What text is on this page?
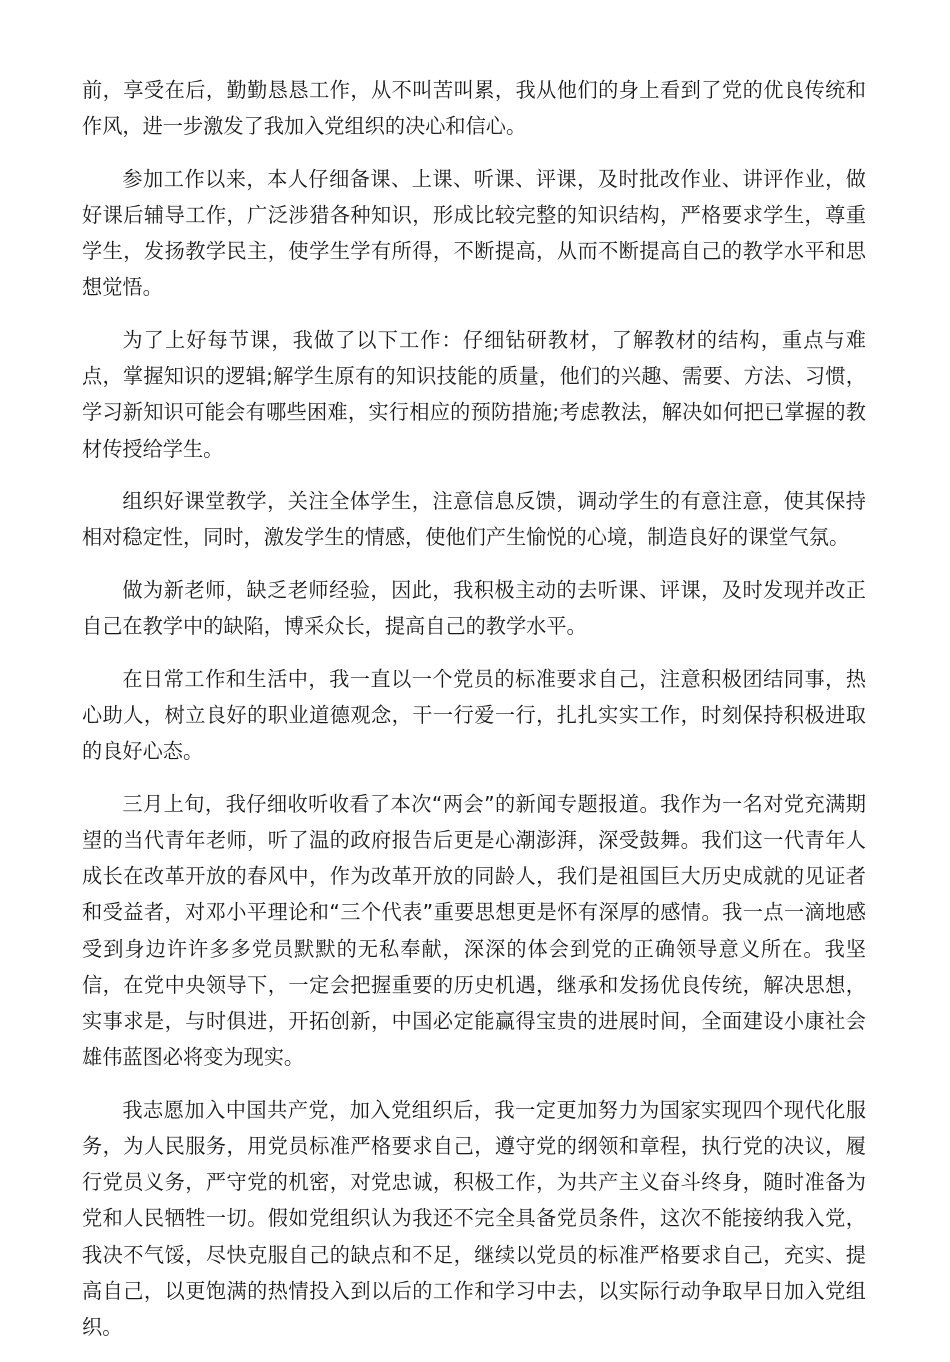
前，享受在后，勤勤恳恳工作，从不叫苦叫累，我从他们的身上看到了党的优良传统和作风，进一步激发了我加入党组织的决心和信心。

参加工作以来，本人仔细备课、上课、听课、评课，及时批改作业、讲评作业，做好课后辅导工作，广泛涉猎各种知识，形成比较完整的知识结构，严格要求学生，尊重学生，发扬教学民主，使学生学有所得，不断提高，从而不断提高自己的教学水平和思想觉悟。

为了上好每节课，我做了以下工作：仔细钻研教材，了解教材的结构，重点与难点，掌握知识的逻辑;解学生原有的知识技能的质量，他们的兴趣、需要、方法、习惯，学习新知识可能会有哪些困难，实行相应的预防措施;考虑教法，解决如何把已掌握的教材传授给学生。

组织好课堂教学，关注全体学生，注意信息反馈，调动学生的有意注意，使其保持相对稳定性，同时，激发学生的情感，使他们产生愉悦的心境，制造良好的课堂气氛。

做为新老师，缺乏老师经验，因此，我积极主动的去听课、评课，及时发现并改正自己在教学中的缺陷，博采众长，提高自己的教学水平。

在日常工作和生活中，我一直以一个党员的标准要求自己，注意积极团结同事，热心助人，树立良好的职业道德观念，干一行爱一行，扎扎实实工作，时刻保持积极进取的良好心态。

三月上旬，我仔细收听收看了本次“两会”的新闻专题报道。我作为一名对党充满期望的当代青年老师，听了温的政府报告后更是心潮澎湃，深受鼓舞。我们这一代青年人成长在改革开放的春风中，作为改革开放的同龄人，我们是祖国巨大历史成就的见证者和受益者，对邓小平理论和“三个代表”重要思想更是怀有深厚的感情。我一点一滴地感受到身边许许多多党员默默的无私奉献，深深的体会到党的正确领导意义所在。我坚信，在党中央领导下，一定会把握重要的历史机遇，继承和发扬优良传统，解决思想，实事求是，与时俱进，开拓创新，中国必定能赢得宝贵的进展时间，全面建设小康社会雄伟蓝图必将变为现实。

我志愿加入中国共产党，加入党组织后，我一定更加努力为国家实现四个现代化服务，为人民服务，用党员标准严格要求自己，遵守党的纲领和章程，执行党的决议，履行党员义务，严守党的机密，对党忠诚，积极工作，为共产主义奋斗终身，随时准备为党和人民牺牲一切。假如党组织认为我还不完全具备党员条件，这次不能接纳我入党，我决不气馁，尽快克服自己的缺点和不足，继续以党员的标准严格要求自己，充实、提高自己，以更饱满的热情投入到以后的工作和学习中去，以实际行动争取早日加入党组织。
